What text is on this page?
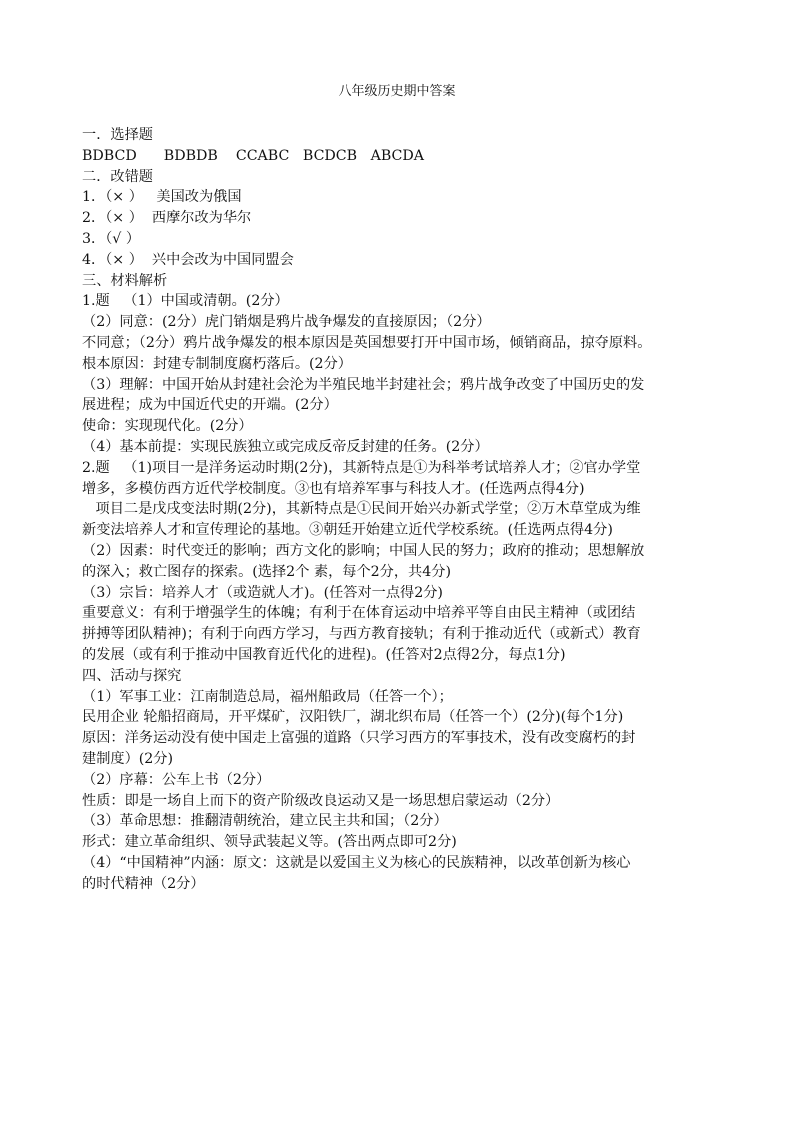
八年级历史期中答案
一．选择题
BDBCD      BDBDB    CCABC   BCDCB   ABCDA
二．改错题
1．（× ）   美国改为俄国
2．（× ）  西摩尔改为华尔
3．（√ ）
4．（× ）  兴中会改为中国同盟会
三、材料解析
1.题   （1）中国或清朝。(2分）
（2）同意：(2分）虎门销烟是鸦片战争爆发的直接原因；（2分）
不同意；（2分）鸦片战争爆发的根本原因是英国想要打开中国市场，倾销商品，掠夺原料。
根本原因：封建专制制度腐朽落后。(2分）
（3）理解：中国开始从封建社会沦为半殖民地半封建社会；鸦片战争改变了中国历史的发
展进程；成为中国近代史的开端。(2分）
使命：实现现代化。(2分）
（4）基本前提：实现民族独立或完成反帝反封建的任务。(2分）
2.题   （1)项目一是洋务运动时期(2分)，其新特点是①为科举考试培养人才；②官办学堂
增多，多模仿西方近代学校制度。③也有培养军事与科技人才。(任选两点得4分)
项目二是戊戌变法时期(2分)，其新特点是①民间开始兴办新式学堂；②万木草堂成为维
新变法培养人才和宣传理论的基地。③朝廷开始建立近代学校系统。(任选两点得4分)
（2）因素：时代变迁的影响；西方文化的影响；中国人民的努力；政府的推动；思想解放
的深入；救亡图存的探索。(选择2个 素，每个2分，共4分)
（3）宗旨：培养人才（或造就人才)。(任答对一点得2分)
重要意义：有利于增强学生的体魄；有利于在体育运动中培养平等自由民主精神（或团结
拼搏等团队精神)；有利于向西方学习，与西方教育接轨；有利于推动近代（或新式）教育
的发展（或有利于推动中国教育近代化的进程)。(任答对2点得2分，每点1分)
四、活动与探究
（1）军事工业：江南制造总局，福州船政局（任答一个）；
民用企业 轮船招商局，开平煤矿，汉阳铁厂，湖北织布局（任答一个）(2分)(每个1分)
原因：洋务运动没有使中国走上富强的道路（只学习西方的军事技术，没有改变腐朽的封
建制度）(2分)
（2）序幕：公车上书（2分）
性质：即是一场自上而下的资产阶级改良运动又是一场思想启蒙运动（2分）
（3）革命思想：推翻清朝统治，建立民主共和国；（2分）
形式：建立革命组织、领导武装起义等。(答出两点即可2分)
（4）“中国精神”内涵：原文：这就是以爱国主义为核心的民族精神，以改革创新为核心
的时代精神（2分）
